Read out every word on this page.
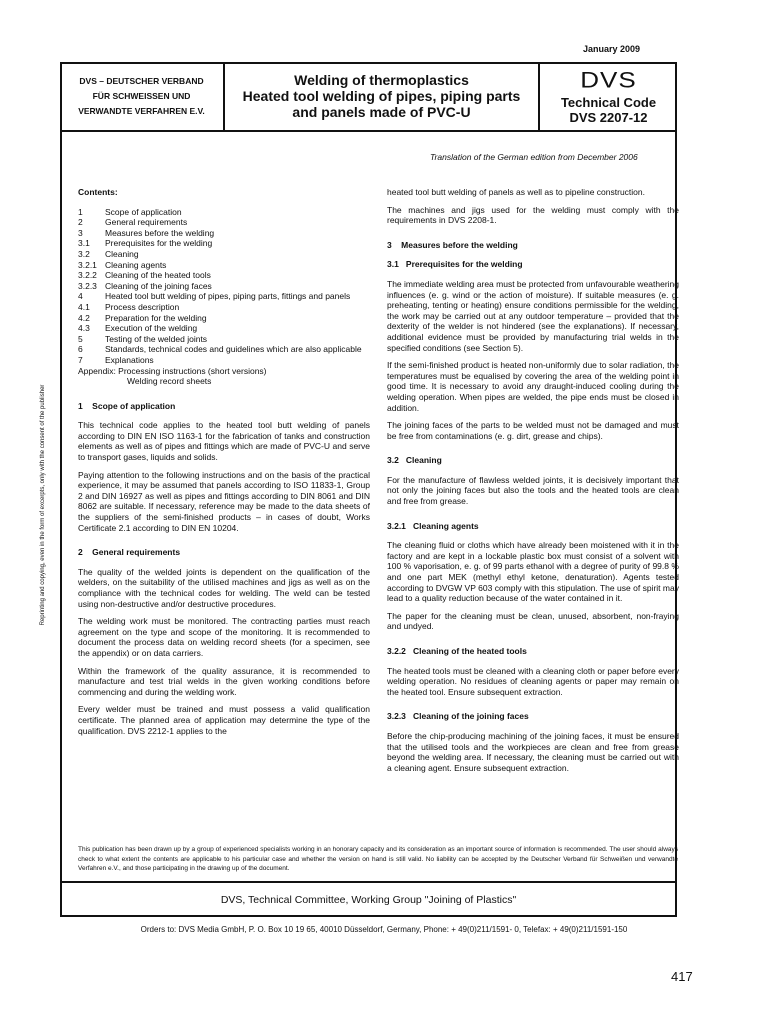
January 2009
DVS – DEUTSCHER VERBAND
FÜR SCHWEISSEN UND
VERWANDTE VERFAHREN E.V.
Welding of thermoplastics
Heated tool welding of pipes, piping parts
and panels made of PVC-U
DVS
Technical Code
DVS 2207-12
Translation of the German edition from December 2006
Reprinting and copying, even in the form of excerpts, only with the consent of the publisher
Contents:
1	Scope of application
2	General requirements
3	Measures before the welding
3.1	Prerequisites for the welding
3.2	Cleaning
3.2.1 Cleaning agents
3.2.2 Cleaning of the heated tools
3.2.3 Cleaning of the joining faces
4	Heated tool butt welding of pipes, piping parts, fittings and panels
4.1	Process description
4.2	Preparation for the welding
4.3	Execution of the welding
5	Testing of the welded joints
6	Standards, technical codes and guidelines which are also applicable
7	Explanations
Appendix: Processing instructions (short versions)
Welding record sheets
1    Scope of application

This technical code applies to the heated tool butt welding of panels according to DIN EN ISO 1163-1 for the fabrication of tanks and construction elements as well as of pipes and fittings which are made of PVC-U and serve to transport gases, liquids and solids.

Paying attention to the following instructions and on the basis of the practical experience, it may be assumed that panels according to ISO 11833-1, Group 2 and DIN 16927 as well as pipes and fittings according to DIN 8061 and DIN 8062 are suitable. If necessary, reference may be made to the data sheets of the suppliers of the semi-finished products – in cases of doubt, Works Certificate 2.1 according to DIN EN 10204.

2    General requirements

The quality of the welded joints is dependent on the qualification of the welders, on the suitability of the utilised machines and jigs as well as on the compliance with the technical codes for welding. The weld can be tested using non-destructive and/or destructive procedures.

The welding work must be monitored. The contracting parties must reach agreement on the type and scope of the monitoring. It is recommended to document the process data on welding record sheets (for a specimen, see the appendix) or on data carriers.

Within the framework of the quality assurance, it is recommended to manufacture and test trial welds in the given working conditions before commencing and during the welding work.

Every welder must be trained and must possess a valid qualification certificate. The planned area of application may determine the type of the qualification. DVS 2212-1 applies to the

heated tool butt welding of panels as well as to pipeline construction.

The machines and jigs used for the welding must comply with the requirements in DVS 2208-1.

3    Measures before the welding
3.1   Prerequisites for the welding

The immediate welding area must be protected from unfavourable weathering influences (e. g. wind or the action of moisture). If suitable measures (e. g. preheating, tenting or heating) ensure conditions permissible for the welding, the work may be carried out at any outdoor temperature – provided that the dexterity of the welder is not hindered (see the explanations). If necessary, additional evidence must be provided by manufacturing trial welds in the specified conditions (see Section 5).

If the semi-finished product is heated non-uniformly due to solar radiation, the temperatures must be equalised by covering the area of the welding point in good time. It is necessary to avoid any draught-induced cooling during the welding operation. When pipes are welded, the pipe ends must be closed in addition.

The joining faces of the parts to be welded must not be damaged and must be free from contaminations (e. g. dirt, grease and chips).

3.2   Cleaning

For the manufacture of flawless welded joints, it is decisively important that not only the joining faces but also the tools and the heated tools are clean and free from grease.

3.2.1   Cleaning agents

The cleaning fluid or cloths which have already been moistened with it in the factory and are kept in a lockable plastic box must consist of a solvent with 100 % vaporisation, e. g. of 99 parts ethanol with a degree of purity of 99.8 % and one part MEK (methyl ethyl ketone, denaturation). Agents tested according to DVGW VP 603 comply with this stipulation. The use of spirit may lead to a quality reduction because of the water contained in it.

The paper for the cleaning must be clean, unused, absorbent, non-fraying and undyed.

3.2.2   Cleaning of the heated tools

The heated tools must be cleaned with a cleaning cloth or paper before every welding operation. No residues of cleaning agents or paper may remain on the heated tool. Ensure subsequent extraction.

3.2.3   Cleaning of the joining faces

Before the chip-producing machining of the joining faces, it must be ensured that the utilised tools and the workpieces are clean and free from grease beyond the welding area. If necessary, the cleaning must be carried out with a cleaning agent. Ensure subsequent extraction.

This publication has been drawn up by a group of experienced specialists working in an honorary capacity and its consideration as an important source of information is recommended. The user should always check to what extent the contents are applicable to his particular case and whether the version on hand is still valid. No liability can be accepted by the Deutscher Verband für Schweißen und verwandte Verfahren e.V., and those participating in the drawing up of the document.
DVS, Technical Committee, Working Group "Joining of Plastics"
Orders to: DVS Media GmbH, P. O. Box 10 19 65, 40010 Düsseldorf, Germany, Phone: + 49(0)211/1591- 0, Telefax: + 49(0)211/1591-150
417
